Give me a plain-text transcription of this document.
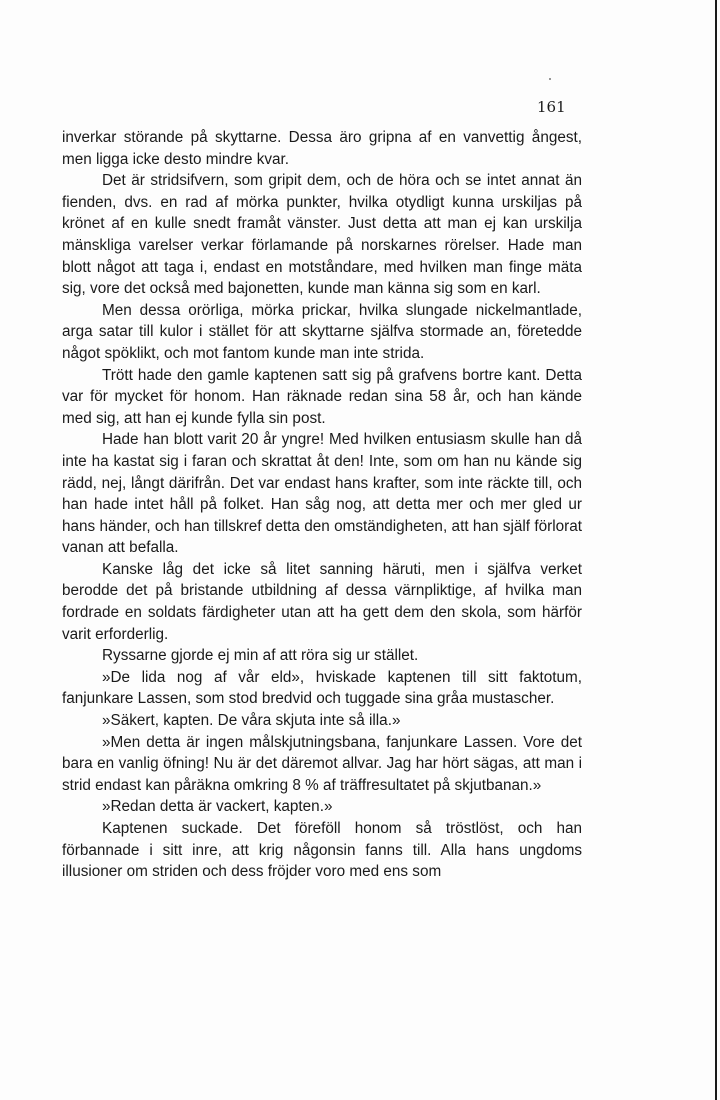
161

inverkar störande på skyttarne. Dessa äro gripna af en vanvettig ångest, men ligga icke desto mindre kvar.

Det är stridsifvern, som gripit dem, och de höra och se intet annat än fienden, dvs. en rad af mörka punkter, hvilka otydligt kunna urskiljas på krönet af en kulle snedt framåt vänster. Just detta att man ej kan urskilja mänskliga varelser verkar förlamande på norskarnes rörelser. Hade man blott något att taga i, endast en motståndare, med hvilken man finge mäta sig, vore det också med bajonetten, kunde man känna sig som en karl.

Men dessa orörliga, mörka prickar, hvilka slungade nickelmantlade, arga satar till kulor i stället för att skyttarne själfva stormade an, företedde något spöklikt, och mot fantom kunde man inte strida.

Trött hade den gamle kaptenen satt sig på grafvens bortre kant. Detta var för mycket för honom. Han räknade redan sina 58 år, och han kände med sig, att han ej kunde fylla sin post.

Hade han blott varit 20 år yngre! Med hvilken entusiasm skulle han då inte ha kastat sig i faran och skrattat åt den! Inte, som om han nu kände sig rädd, nej, långt därifrån. Det var endast hans krafter, som inte räckte till, och han hade intet håll på folket. Han såg nog, att detta mer och mer gled ur hans händer, och han tillskref detta den omständigheten, att han själf förlorat vanan att befalla.

Kanske låg det icke så litet sanning häruti, men i själfva verket berodde det på bristande utbildning af dessa värnpliktige, af hvilka man fordrade en soldats färdigheter utan att ha gett dem den skola, som härför varit erforderlig.

Ryssarne gjorde ej min af att röra sig ur stället.

»De lida nog af vår eld», hviskade kaptenen till sitt faktotum, fanjunkare Lassen, som stod bredvid och tuggade sina gråa mustascher.

»Säkert, kapten. De våra skjuta inte så illa.»

»Men detta är ingen målskjutningsbana, fanjunkare Lassen. Vore det bara en vanlig öfning! Nu är det däremot allvar. Jag har hört sägas, att man i strid endast kan påräkna omkring 8 % af träffresultatet på skjutbanan.»

»Redan detta är vackert, kapten.»

Kaptenen suckade. Det föreföll honom så tröstlöst, och han förbannade i sitt inre, att krig någonsin fanns till. Alla hans ungdoms illusioner om striden och dess fröjder voro med ens som
